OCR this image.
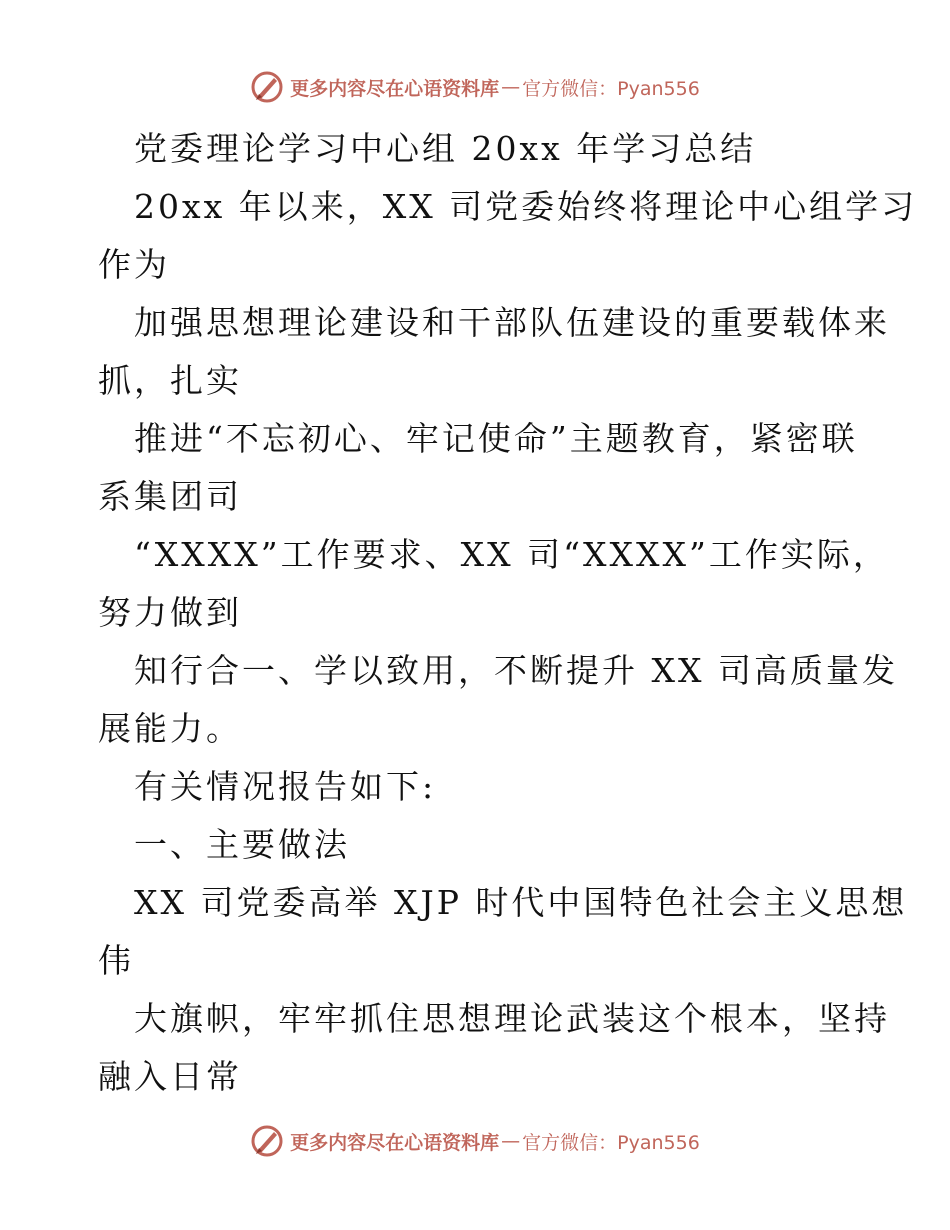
更多内容尽在心语资料库 — 官方微信：Pyan556
党委理论学习中心组 20xx 年学习总结
20xx 年以来，XX 司党委始终将理论中心组学习
作为
加强思想理论建设和干部队伍建设的重要载体来
抓，扎实
推进“不忘初心、牢记使命”主题教育，紧密联
系集团司
“XXXX”工作要求、XX 司“XXXX”工作实际，
努力做到
知行合一、学以致用，不断提升 XX 司高质量发
展能力。
有关情况报告如下:
一、主要做法
XX 司党委高举 XJP 时代中国特色社会主义思想
伟
大旗帜，牢牢抓住思想理论武装这个根本，坚持
融入日常
更多内容尽在心语资料库 — 官方微信：Pyan556
